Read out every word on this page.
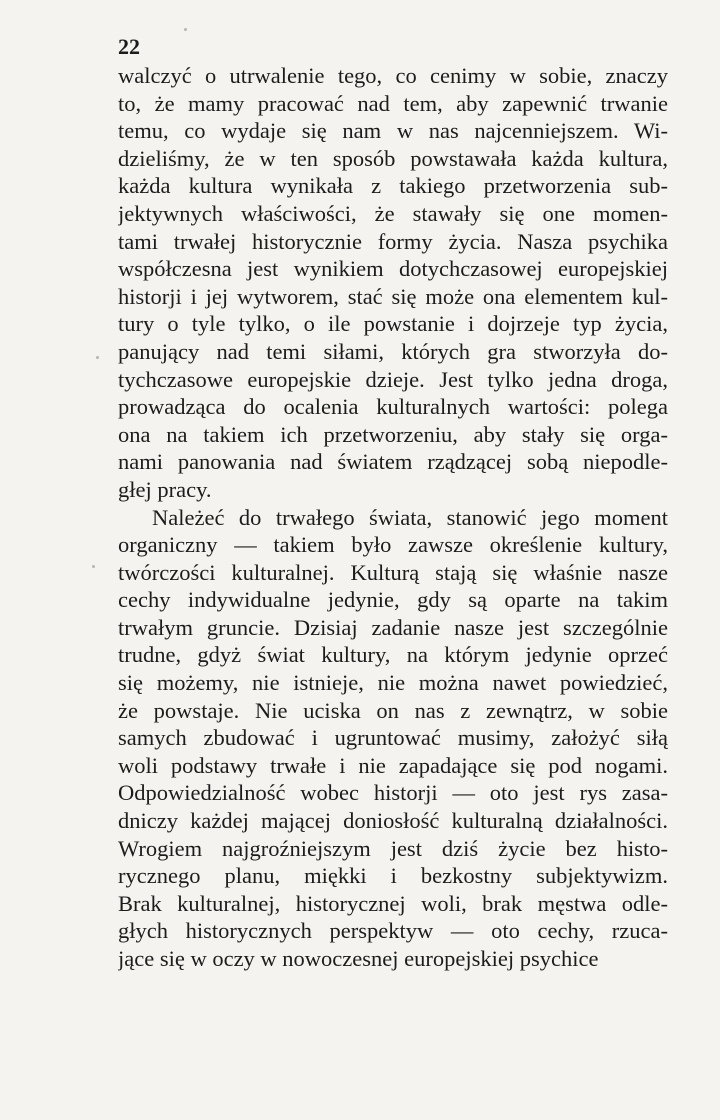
22
walczyć o utrwalenie tego, co cenimy w sobie, znaczy
to, że mamy pracować nad tem, aby zapewnić trwanie
temu, co wydaje się nam w nas najcenniejszem. Wi-
dzieliśmy, że w ten sposób powstawała każda kultura,
każda kultura wynikała z takiego przetworzenia sub-
jektywnych właściwości, że stawały się one momen-
tami trwałej historycznie formy życia. Nasza psychika
współczesna jest wynikiem dotychczasowej europejskiej
historji i jej wytworem, stać się może ona elementem kul-
tury o tyle tylko, o ile powstanie i dojrzeje typ życia,
panujący nad temi siłami, których gra stworzyła do-
tychczasowe europejskie dzieje. Jest tylko jedna droga,
prowadząca do ocalenia kulturalnych wartości: polega
ona na takiem ich przetworzeniu, aby stały się orga-
nami panowania nad światem rządzącej sobą niepodle-
głej pracy.
Należeć do trwałego świata, stanowić jego moment
organiczny — takiem było zawsze określenie kultury,
twórczości kulturalnej. Kulturą stają się właśnie nasze
cechy indywidualne jedynie, gdy są oparte na takim
trwałym gruncie. Dzisiaj zadanie nasze jest szczególnie
trudne, gdyż świat kultury, na którym jedynie oprzeć
się możemy, nie istnieje, nie można nawet powiedzieć,
że powstaje. Nie uciska on nas z zewnątrz, w sobie
samych zbudować i ugruntować musimy, założyć siłą
woli podstawy trwałe i nie zapadające się pod nogami.
Odpowiedzialność wobec historji — oto jest rys zasa-
dniczy każdej mającej doniosłość kulturalną działalności.
Wrogiem najgroźniejszym jest dziś życie bez histo-
rycznego planu, miękki i bezkostny subjektywizm.
Brak kulturalnej, historycznej woli, brak męstwa odle-
głych historycznych perspektyw — oto cechy, rzuca-
jące się w oczy w nowoczesnej europejskiej psychice
